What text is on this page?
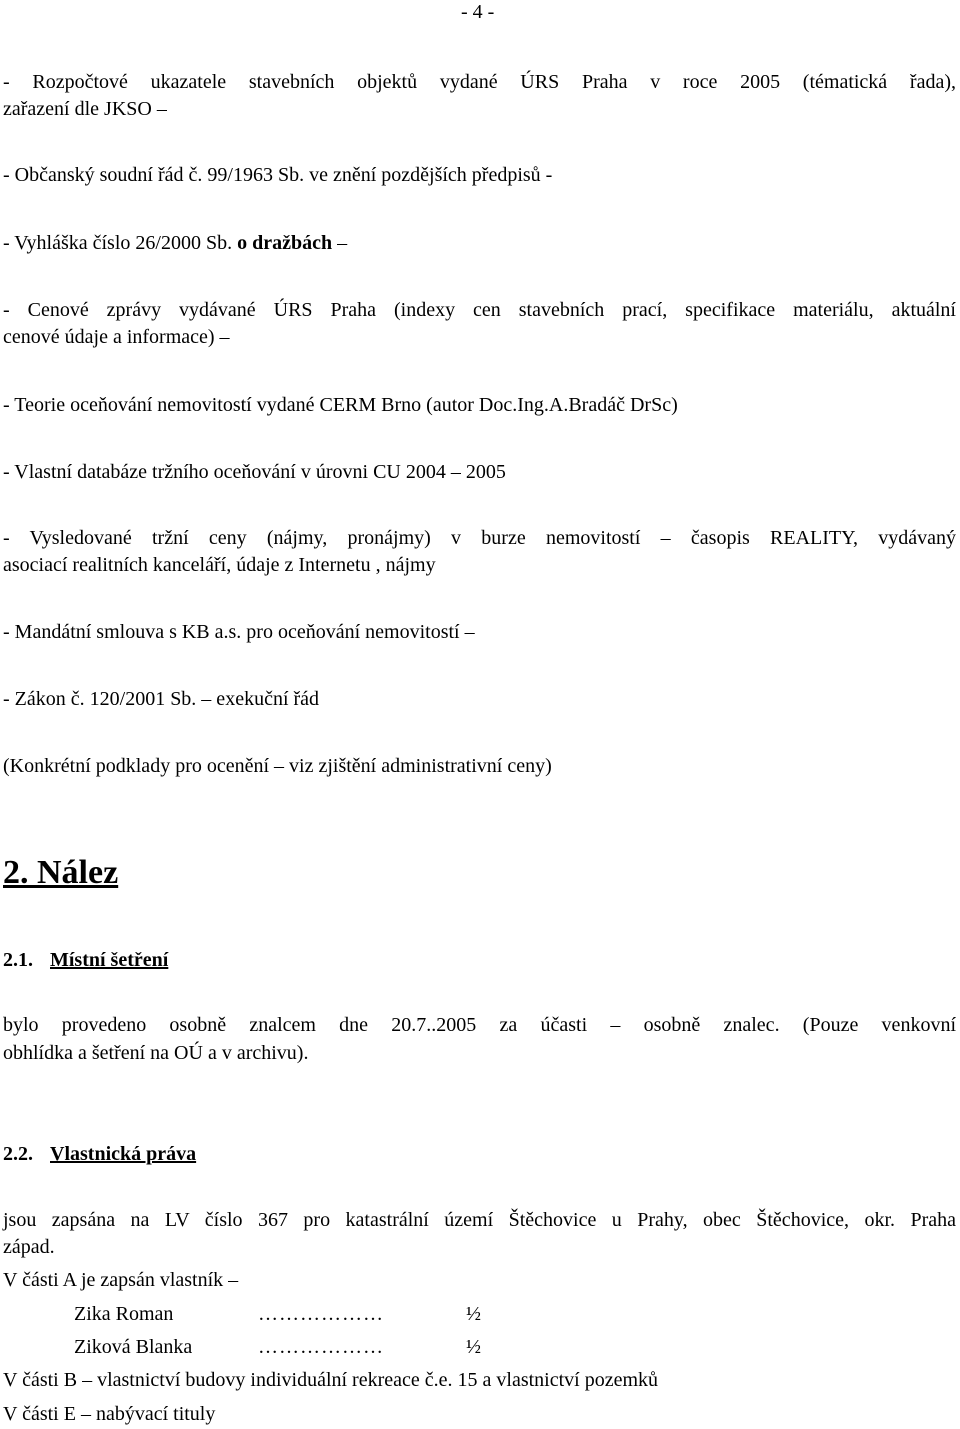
- 4 -
- Rozpočtové ukazatele stavebních objektů vydané ÚRS Praha v roce 2005 (tématická řada),
zařazení dle JKSO –
- Občanský soudní řád č. 99/1963 Sb. ve znění pozdějších předpisů -
- Vyhláška číslo 26/2000 Sb. o dražbách –
- Cenové zprávy vydávané ÚRS Praha (indexy cen stavebních prací, specifikace materiálu, aktuální
cenové údaje a informace) –
- Teorie oceňování nemovitostí vydané CERM Brno (autor Doc.Ing.A.Bradáč DrSc)
- Vlastní databáze tržního oceňování v úrovni CU 2004 – 2005
- Vysledované tržní ceny (nájmy, pronájmy) v burze nemovitostí – časopis REALITY, vydávaný
asociací realitních kanceláří, údaje z Internetu , nájmy
- Mandátní smlouva s KB a.s. pro oceňování nemovitostí –
- Zákon č. 120/2001 Sb. – exekuční řád
(Konkrétní podklady pro ocenění – viz zjištění administrativní ceny)
2. Nález
2.1. Místní šetření
bylo provedeno osobně znalcem dne 20.7..2005 za účasti – osobně znalec. (Pouze venkovní
obhlídka a šetření na OÚ a v archivu).
2.2. Vlastnická práva
jsou zapsána na LV číslo 367 pro katastrální území Štěchovice u Prahy, obec Štěchovice, okr. Praha
západ.
V části A je zapsán vlastník –
Zika Roman	………………	½
Ziková Blanka	………………	½
V části B – vlastnictví budovy individuální rekreace č.e. 15 a vlastnictví pozemků
V části E – nabývací tituly
